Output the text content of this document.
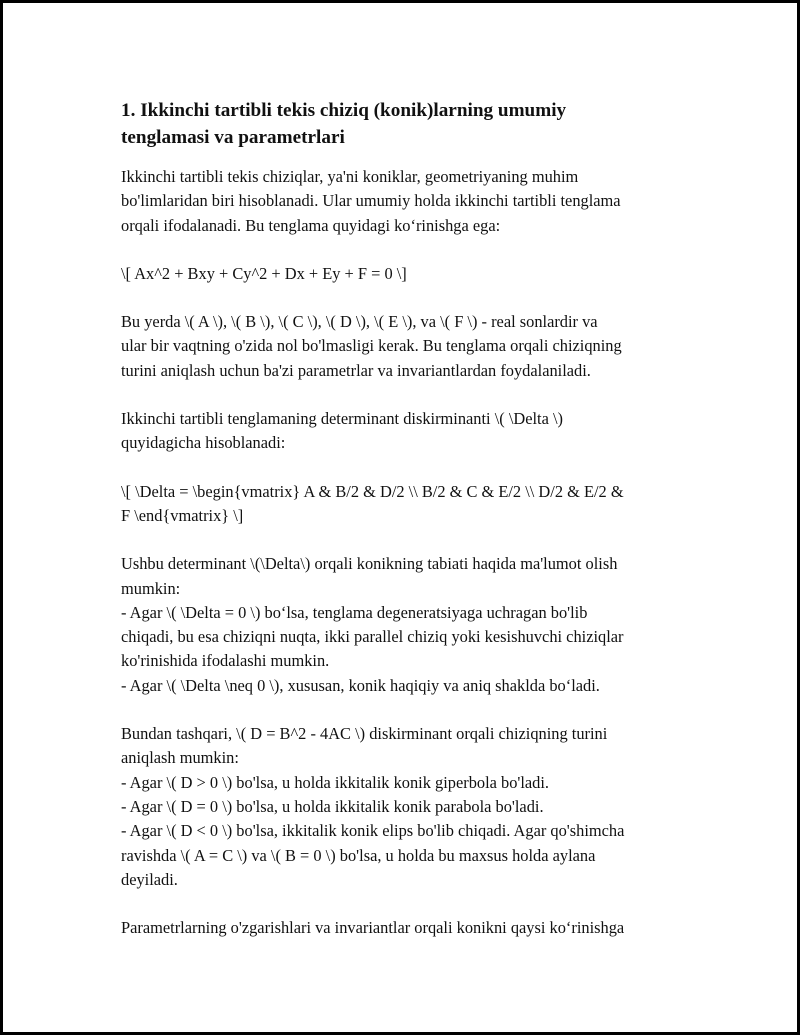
1. Ikkinchi tartibli tekis chiziq (konik)larning umumiy
tenglamasi va parametrlari

Ikkinchi tartibli tekis chiziqlar, ya'ni koniklar, geometriyaning muhim
bo'limlaridan biri hisoblanadi. Ular umumiy holda ikkinchi tartibli tenglama
orqali ifodalanadi. Bu tenglama quyidagi ko‘rinishga ega:

\[ Ax^2 + Bxy + Cy^2 + Dx + Ey + F = 0 \]

Bu yerda \( A \), \( B \), \( C \), \( D \), \( E \), va \( F \) - real sonlardir va
ular bir vaqtning o'zida nol bo'lmasligi kerak. Bu tenglama orqali chiziqning
turini aniqlash uchun ba'zi parametrlar va invariantlardan foydalaniladi.

Ikkinchi tartibli tenglamaning determinant diskirminanti \( \Delta \)
quyidagicha hisoblanadi:

\[ \Delta = \begin{vmatrix} A & B/2 & D/2 \\ B/2 & C & E/2 \\ D/2 & E/2 &
F \end{vmatrix} \]

Ushbu determinant \(\Delta\) orqali konikning tabiati haqida ma'lumot olish
mumkin:
- Agar \( \Delta = 0 \) bo‘lsa, tenglama degeneratsiyaga uchragan bo'lib
chiqadi, bu esa chiziqni nuqta, ikki parallel chiziq yoki kesishuvchi chiziqlar
ko'rinishida ifodalashi mumkin.
- Agar \( \Delta \neq 0 \), xususan, konik haqiqiy va aniq shaklda bo‘ladi.

Bundan tashqari, \( D = B^2 - 4AC \) diskirminant orqali chiziqning turini
aniqlash mumkin:
- Agar \( D > 0 \) bo'lsa, u holda ikkitalik konik giperbola bo'ladi.
- Agar \( D = 0 \) bo'lsa, u holda ikkitalik konik parabola bo'ladi.
- Agar \( D < 0 \) bo'lsa, ikkitalik konik elips bo'lib chiqadi. Agar qo'shimcha
ravishda \( A = C \) va \( B = 0 \) bo'lsa, u holda bu maxsus holda aylana
deyiladi.

Parametrlarning o'zgarishlari va invariantlar orqali konikni qaysi ko‘rinishga
